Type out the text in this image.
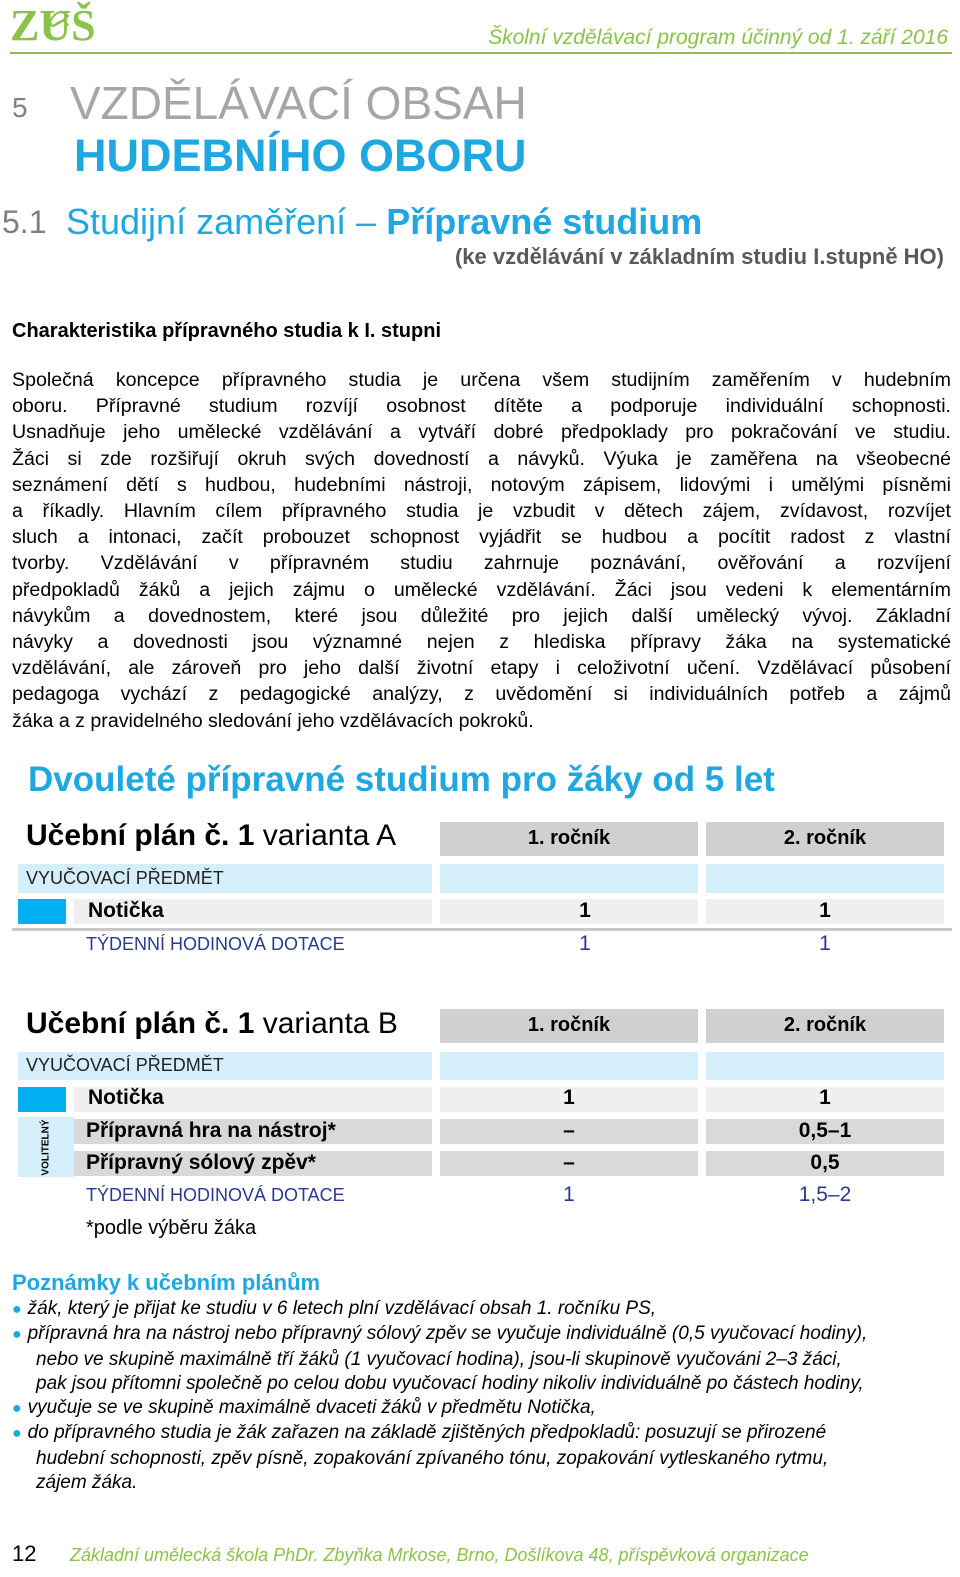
ZUŠ	Školní vzdělávací program účinný od 1. září 2016
5 VZDĚLÁVACÍ OBSAH
HUDEBNÍHO OBORU
5.1 Studijní zaměření – Přípravné studium
(ke vzdělávání v základním studiu I.stupně HO)
Charakteristika přípravného studia k I. stupni
Společná koncepce přípravného studia je určena všem studijním zaměřením v hudebním
oboru. Přípravné studium rozvíjí osobnost dítěte a podporuje individuální schopnosti.
Usnadňuje jeho umělecké vzdělávání a vytváří dobré předpoklady pro pokračování ve studiu.
Žáci si zde rozšiřují okruh svých dovedností a návyků. Výuka je zaměřena na všeobecné
seznámení dětí s hudbou, hudebními nástroji, notovým zápisem, lidovými i umělými písněmi
a říkadly. Hlavním cílem přípravného studia je vzbudit v dětech zájem, zvídavost, rozvíjet
sluch a intonaci, začít probouzet schopnost vyjádřit se hudbou a pocítit radost z vlastní
tvorby. Vzdělávání v přípravném studiu zahrnuje poznávání, ověřování a rozvíjení
předpokladů žáků a jejich zájmu o umělecké vzdělávání. Žáci jsou vedeni k elementárním
návykům a dovednostem, které jsou důležité pro jejich další umělecký vývoj. Základní
návyky a dovednosti jsou významné nejen z hlediska přípravy žáka na systematické
vzdělávání, ale zároveň pro jeho další životní etapy i celoživotní učení. Vzdělávací působení
pedagoga vychází z pedagogické analýzy, z uvědomění si individuálních potřeb a zájmů
žáka a z pravidelného sledování jeho vzdělávacích pokroků.
Dvouleté přípravné studium pro žáky od 5 let
Učební plán č. 1 varianta A	1. ročník	2. ročník
VYUČOVACÍ PŘEDMĚT
Notička	1	1
TÝDENNÍ HODINOVÁ DOTACE	1	1
Učební plán č. 1 varianta B	1. ročník	2. ročník
VYUČOVACÍ PŘEDMĚT
Notička	1	1
VOLITELNÝ Přípravná hra na nástroj*	–	0,5–1
Přípravný sólový zpěv*	–	0,5
TÝDENNÍ HODINOVÁ DOTACE	1	1,5–2
*podle výběru žáka
Poznámky k učebním plánům
● žák, který je přijat ke studiu v 6 letech plní vzdělávací obsah 1. ročníku PS,
● přípravná hra na nástroj nebo přípravný sólový zpěv se vyučuje individuálně (0,5 vyučovací hodiny),
nebo ve skupině maximálně tří žáků (1 vyučovací hodina), jsou-li skupinově vyučováni 2–3 žáci,
pak jsou přítomni společně po celou dobu vyučovací hodiny nikoliv individuálně po částech hodiny,
● vyučuje se ve skupině maximálně dvaceti žáků v předmětu Notička,
● do přípravného studia je žák zařazen na základě zjištěných předpokladů: posuzují se přirozené
hudební schopnosti, zpěv písně, zopakování zpívaného tónu, zopakování vytleskaného rytmu,
zájem žáka.
12 Základní umělecká škola PhDr. Zbyňka Mrkose, Brno, Došlíkova 48, příspěvková organizace
